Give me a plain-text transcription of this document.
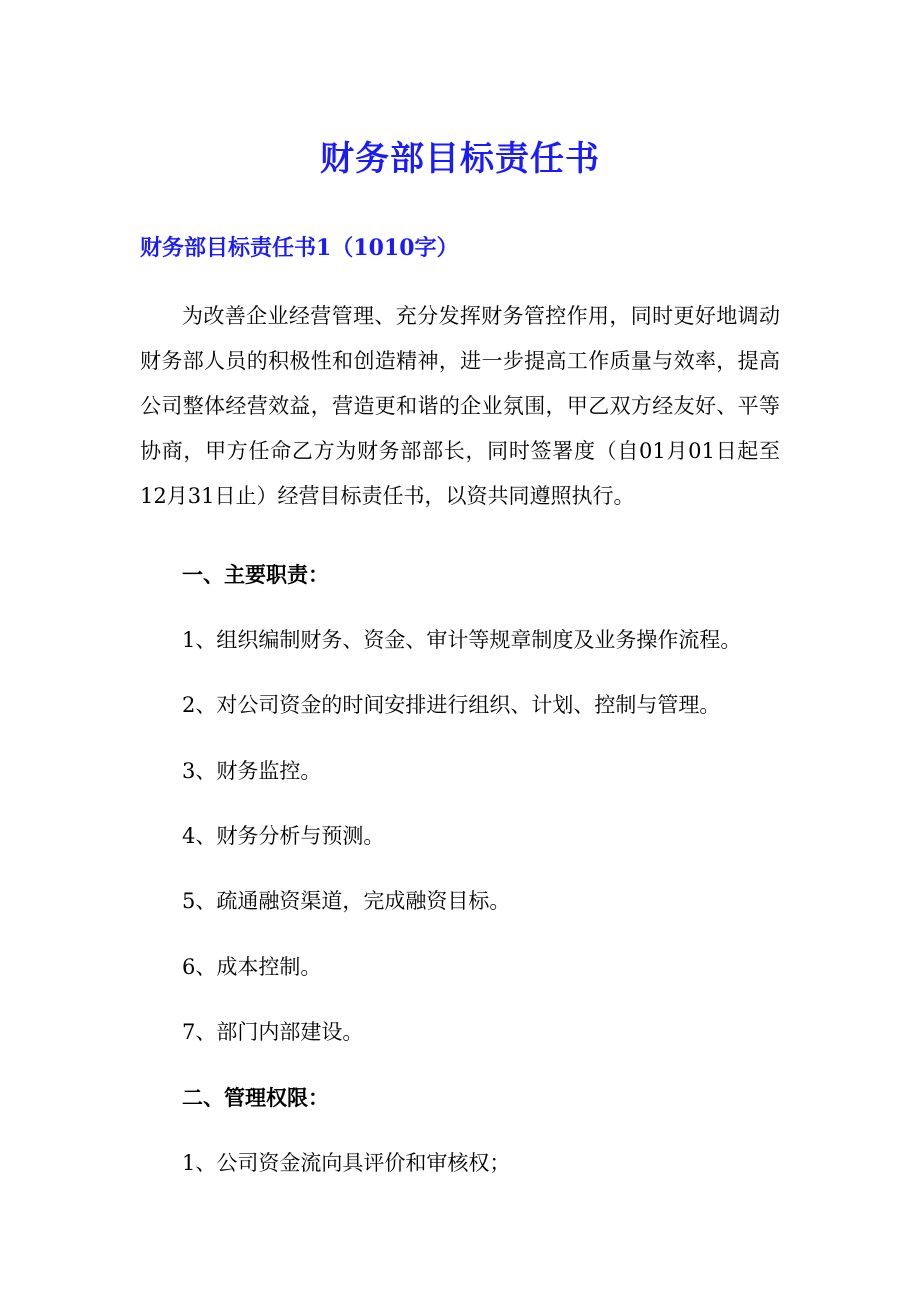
财务部目标责任书
财务部目标责任书1（1010字）

为改善企业经营管理、充分发挥财务管控作用，同时更好地调动财务部人员的积极性和创造精神，进一步提高工作质量与效率，提高公司整体经营效益，营造更和谐的企业氛围，甲乙双方经友好、平等协商，甲方任命乙方为财务部部长，同时签署度（自01月01日起至12月31日止）经营目标责任书，以资共同遵照执行。

一、主要职责：
1、组织编制财务、资金、审计等规章制度及业务操作流程。
2、对公司资金的时间安排进行组织、计划、控制与管理。
3、财务监控。
4、财务分析与预测。
5、疏通融资渠道，完成融资目标。
6、成本控制。
7、部门内部建设。
二、管理权限：
1、公司资金流向具评价和审核权；
